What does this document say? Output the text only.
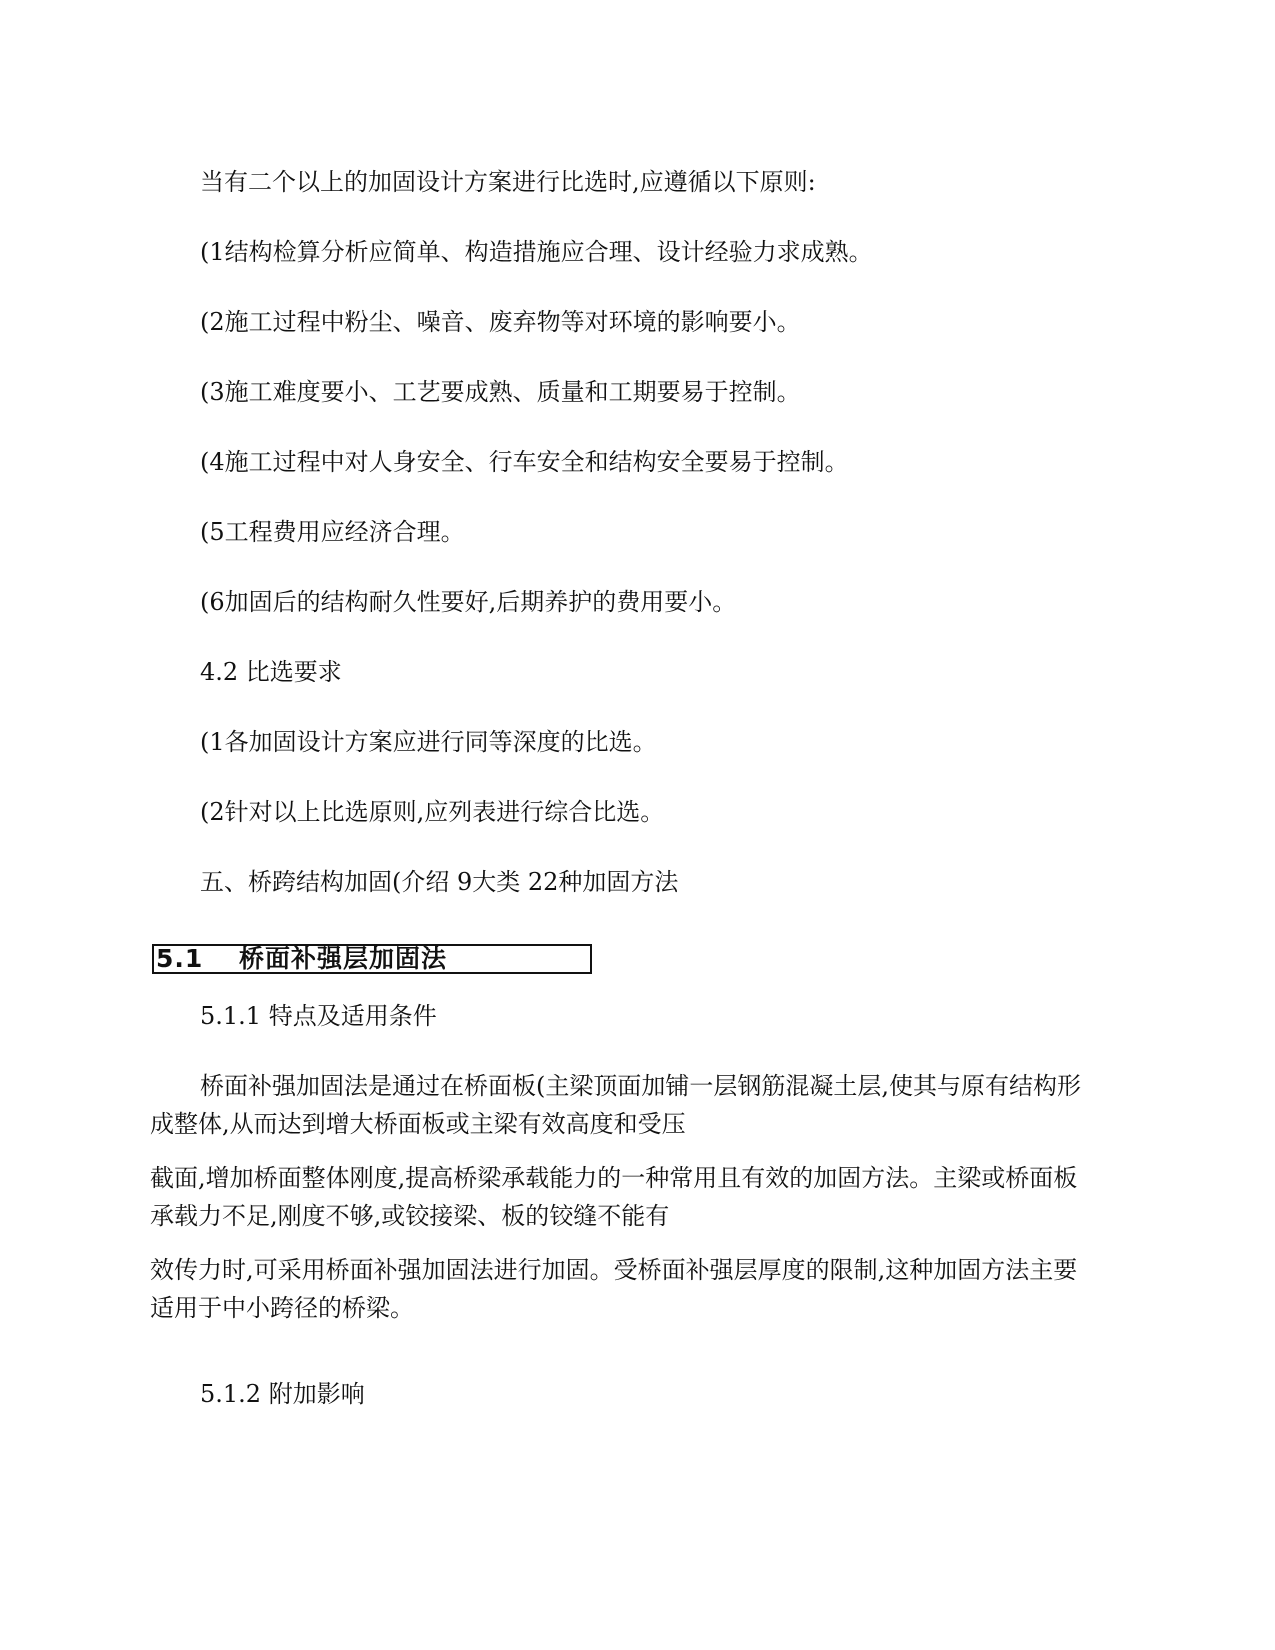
当有二个以上的加固设计方案进行比选时,应遵循以下原则:
(1结构检算分析应简单、构造措施应合理、设计经验力求成熟。
(2施工过程中粉尘、噪音、废弃物等对环境的影响要小。
(3施工难度要小、工艺要成熟、质量和工期要易于控制。
(4施工过程中对人身安全、行车安全和结构安全要易于控制。
(5工程费用应经济合理。
(6加固后的结构耐久性要好,后期养护的费用要小。
4.2 比选要求
(1各加固设计方案应进行同等深度的比选。
(2针对以上比选原则,应列表进行综合比选。
五、桥跨结构加固(介绍 9大类 22种加固方法
5.1　 桥面补强层加固法
5.1.1 特点及适用条件
桥面补强加固法是通过在桥面板(主梁顶面加铺一层钢筋混凝土层,使其与原有结构形
成整体,从而达到增大桥面板或主梁有效高度和受压
截面,增加桥面整体刚度,提高桥梁承载能力的一种常用且有效的加固方法。主梁或桥面板
承载力不足,刚度不够,或铰接梁、板的铰缝不能有
效传力时,可采用桥面补强加固法进行加固。受桥面补强层厚度的限制,这种加固方法主要
适用于中小跨径的桥梁。
5.1.2 附加影响
